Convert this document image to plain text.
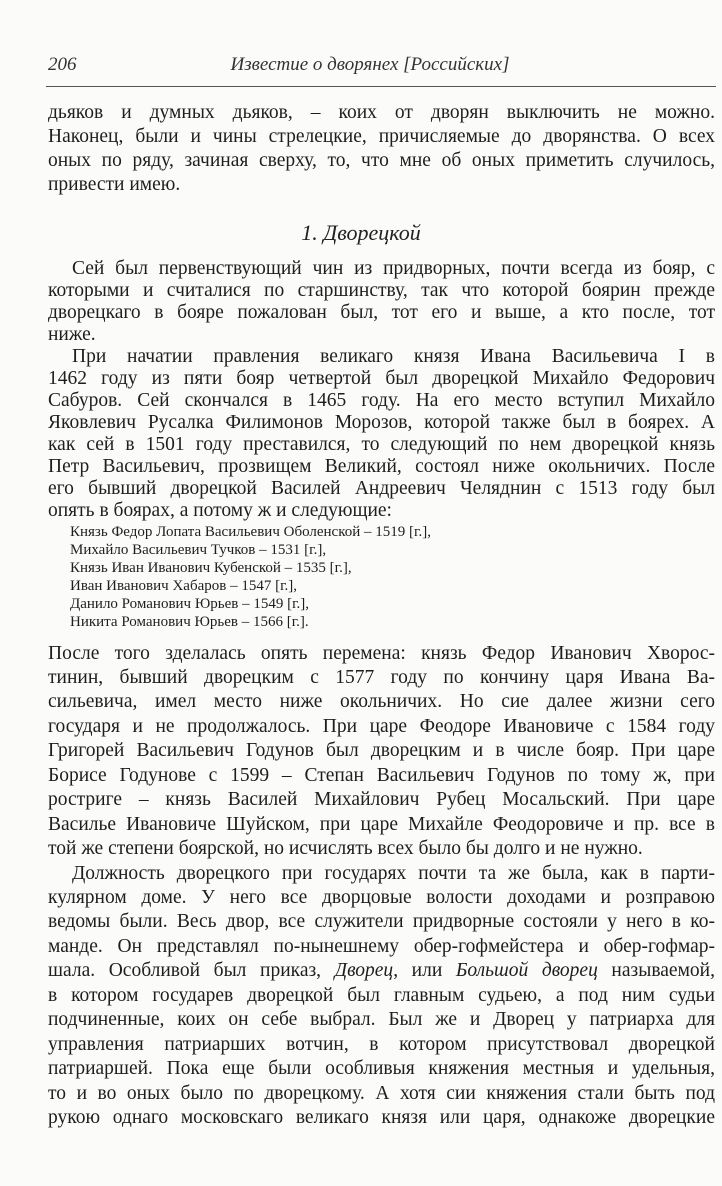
206	Известие о дворянех [Российских]
1. Дворецкой
дьяков и думных дьяков, – коих от дворян выключить не можно.
Наконец, были и чины стрелецкие, причисляемые до дворянства. О всех
оных по ряду, зачиная сверху, то, что мне об оных приметить случилось,
привести имею.
Сей был первенствующий чин из придворных, почти всегда из бояр, с
которыми и считалися по старшинству, так что которой боярин прежде
дворецкаго в бояре пожалован был, тот его и выше, а кто после, тот
ниже.
При начатии правления великаго князя Ивана Васильевича I в
1462 году из пяти бояр четвертой был дворецкой Михайло Федорович
Сабуров. Сей скончался в 1465 году. На его место вступил Михайло
Яковлевич Русалка Филимонов Морозов, которой также был в боярех. А
как сей в 1501 году преставился, то следующий по нем дворецкой князь
Петр Васильевич, прозвищем Великий, состоял ниже окольничих. После
его бывший дворецкой Василей Андреевич Челяднин с 1513 году был
опять в боярах, а потому ж и следующие:
После того зделалась опять перемена: князь Федор Иванович Хворос-
тинин, бывший дворецким с 1577 году по кончину царя Ивана Ва-
сильевича, имел место ниже окольничих. Но сие далее жизни сего
государя и не продолжалось. При царе Феодоре Ивановиче с 1584 году
Григорей Васильевич Годунов был дворецким и в числе бояр. При царе
Борисе Годунове с 1599 – Степан Васильевич Годунов по тому ж, при
ростриге – князь Василей Михайлович Рубец Мосальский. При царе
Василье Ивановиче Шуйском, при царе Михайле Феодоровиче и пр. все в
той же степени боярской, но исчислять всех было бы долго и не нужно.
Должность дворецкого при государях почти та же была, как в парти-
кулярном доме. У него все дворцовые волости доходами и розправою
ведомы были. Весь двор, все служители придворные состояли у него в ко-
манде. Он представлял по-нынешнему обер-гофмейстера и обер-гофмар-
шала. Особливой был приказ, Дворец, или Большой дворец называемой,
в котором государев дворецкой был главным судьею, а под ним судьи
подчиненные, коих он себе выбрал. Был же и Дворец у патриарха для
управления патриарших вотчин, в котором присутствовал дворецкой
патриаршей. Пока еще были особливыя княжения местныя и удельныя,
то и во оных было по дворецкому. А хотя сии княжения стали быть под
рукою однаго московскаго великаго князя или царя, однакоже дворецкие
Князь Федор Лопата Васильевич Оболенской – 1519 [г.],
Михайло Васильевич Тучков – 1531 [г.],
Князь Иван Иванович Кубенской – 1535 [г.],
Иван Иванович Хабаров – 1547 [г.],
Данило Романович Юрьев – 1549 [г.],
Никита Романович Юрьев – 1566 [г.].
